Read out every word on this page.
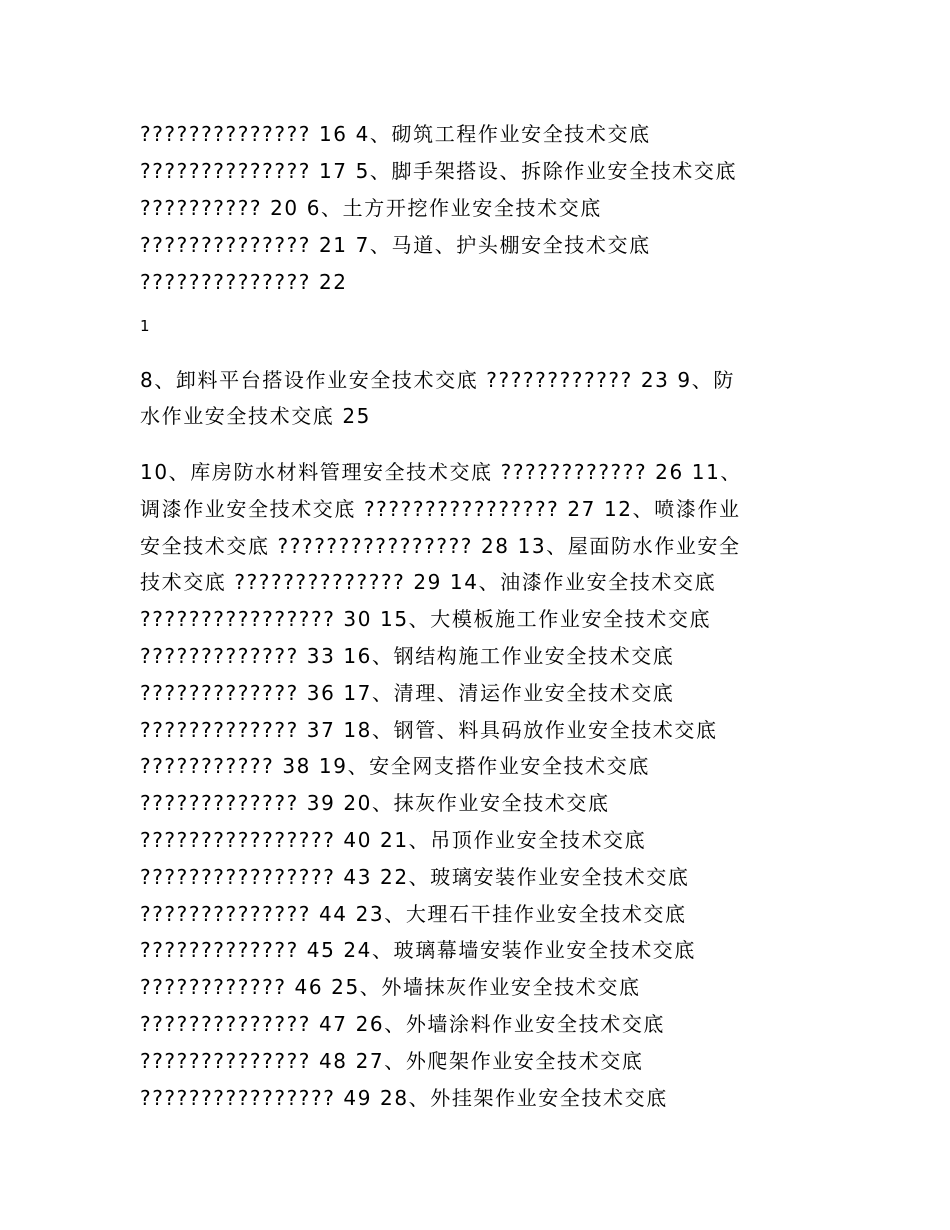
?????????????? 16 4、砌筑工程作业安全技术交底
?????????????? 17 5、脚手架搭设、拆除作业安全技术交底
?????????? 20 6、土方开挖作业安全技术交底
?????????????? 21 7、马道、护头棚安全技术交底
?????????????? 22
1
8、卸料平台搭设作业安全技术交底 ???????????? 23 9、防
水作业安全技术交底 25
10、库房防水材料管理安全技术交底 ???????????? 26 11、
调漆作业安全技术交底 ???????????????? 27 12、喷漆作业
安全技术交底 ???????????????? 28 13、屋面防水作业安全
技术交底 ?????????????? 29 14、油漆作业安全技术交底
???????????????? 30 15、大模板施工作业安全技术交底
????????????? 33 16、钢结构施工作业安全技术交底
????????????? 36 17、清理、清运作业安全技术交底
????????????? 37 18、钢管、料具码放作业安全技术交底
??????????? 38 19、安全网支搭作业安全技术交底
????????????? 39 20、抹灰作业安全技术交底
???????????????? 40 21、吊顶作业安全技术交底
???????????????? 43 22、玻璃安装作业安全技术交底
?????????????? 44 23、大理石干挂作业安全技术交底
????????????? 45 24、玻璃幕墙安装作业安全技术交底
???????????? 46 25、外墙抹灰作业安全技术交底
?????????????? 47 26、外墙涂料作业安全技术交底
?????????????? 48 27、外爬架作业安全技术交底
???????????????? 49 28、外挂架作业安全技术交底
